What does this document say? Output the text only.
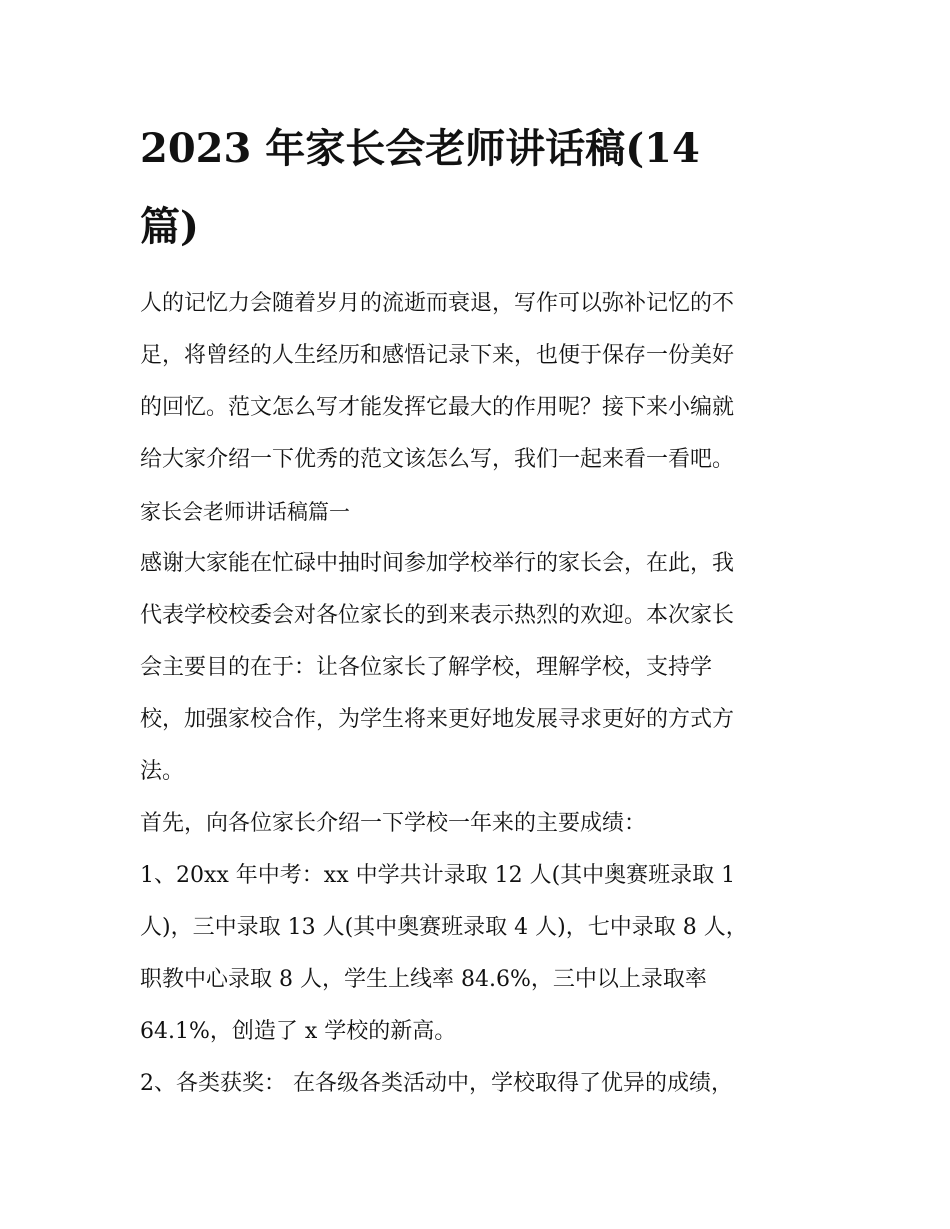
2023 年家长会老师讲话稿(14
篇)
人的记忆力会随着岁月的流逝而衰退，写作可以弥补记忆的不
足，将曾经的人生经历和感悟记录下来，也便于保存一份美好
的回忆。范文怎么写才能发挥它最大的作用呢？接下来小编就
给大家介绍一下优秀的范文该怎么写，我们一起来看一看吧。
家长会老师讲话稿篇一
感谢大家能在忙碌中抽时间参加学校举行的家长会，在此，我
代表学校校委会对各位家长的到来表示热烈的欢迎。本次家长
会主要目的在于：让各位家长了解学校，理解学校，支持学
校，加强家校合作，为学生将来更好地发展寻求更好的方式方
法。
首先，向各位家长介绍一下学校一年来的主要成绩：
1、20xx 年中考：xx 中学共计录取 12 人(其中奥赛班录取 1
人)，三中录取 13 人(其中奥赛班录取 4 人)，七中录取 8 人，
职教中心录取 8 人，学生上线率 84.6%，三中以上录取率
64.1%，创造了 x 学校的新高。
2、各类获奖： 在各级各类活动中，学校取得了优异的成绩，
